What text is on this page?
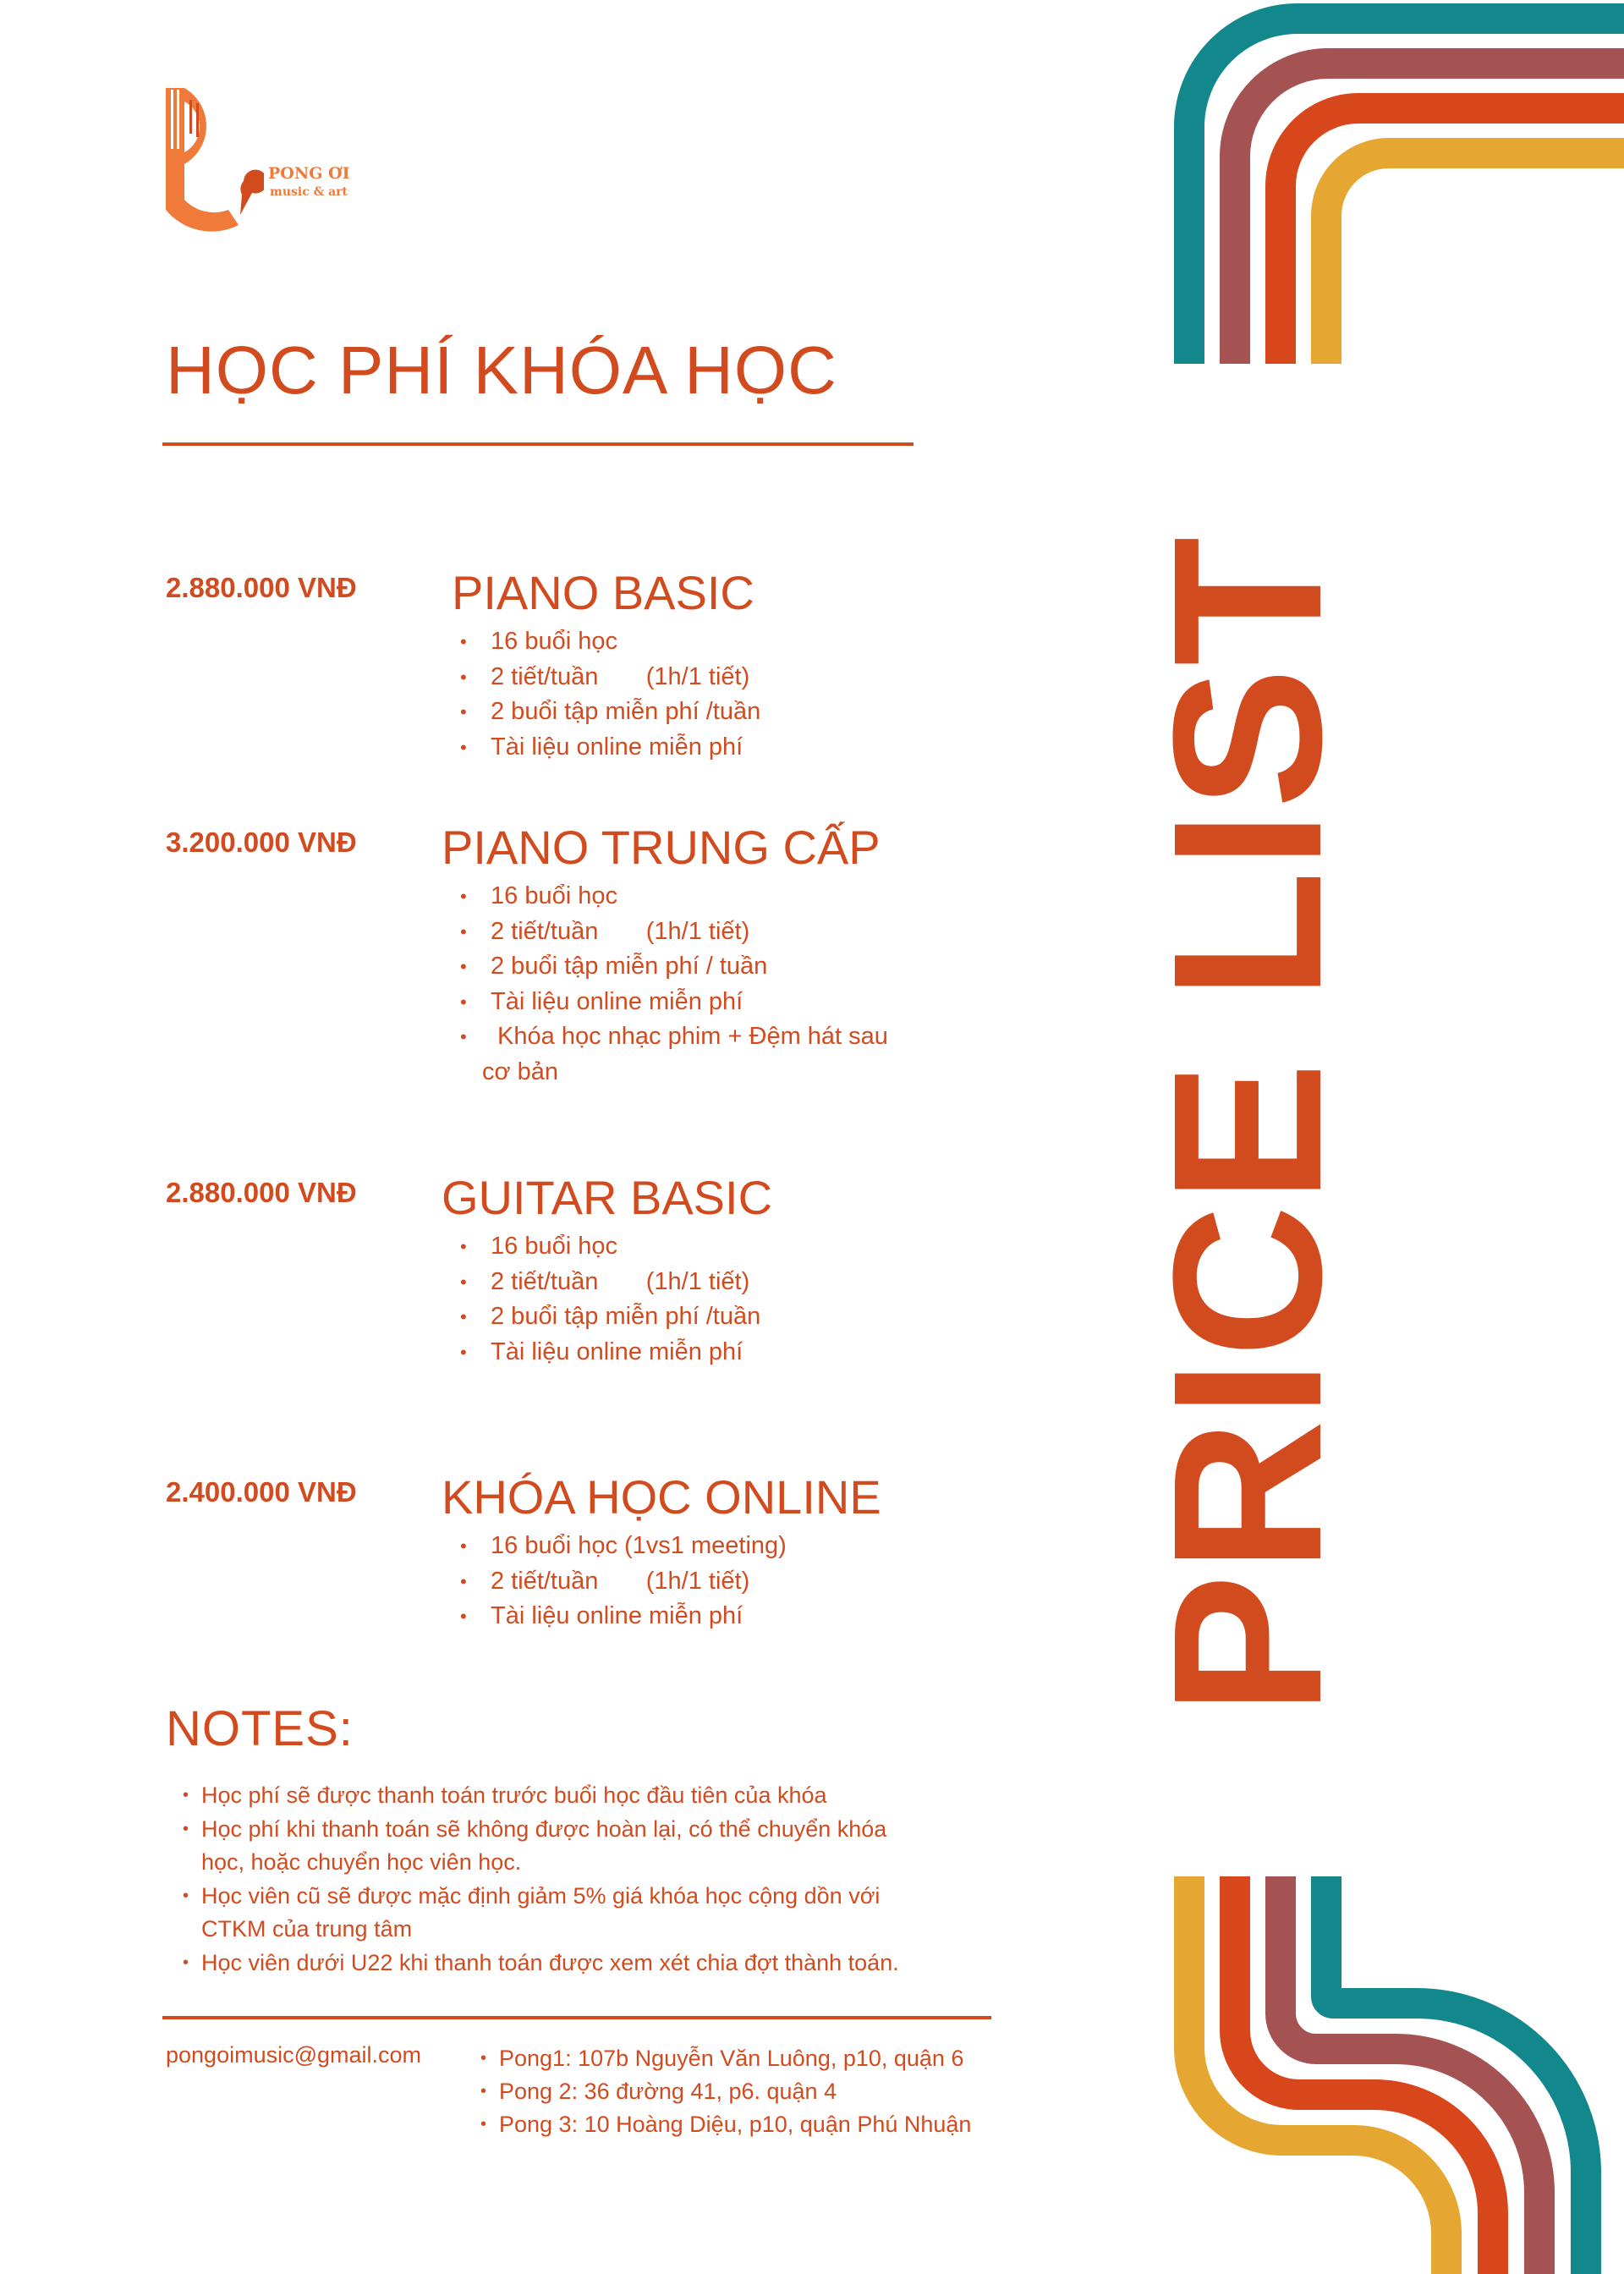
PONG ƠI
music & art
HỌC PHÍ KHÓA HỌC
2.880.000 VNĐ PIANO BASIC
• 16 buổi học
• 2 tiết/tuần       (1h/1 tiết)
• 2 buổi tập miễn phí /tuần
• Tài liệu online miễn phí
3.200.000 VNĐ PIANO TRUNG CẤP
• 16 buổi học
• 2 tiết/tuần       (1h/1 tiết)
• 2 buổi tập miễn phí / tuần
• Tài liệu online miễn phí
•  Khóa học nhạc phim + Đệm hát sau
cơ bản
2.880.000 VNĐ GUITAR BASIC
• 16 buổi học
• 2 tiết/tuần       (1h/1 tiết)
• 2 buổi tập miễn phí /tuần
• Tài liệu online miễn phí
2.400.000 VNĐ KHÓA HỌC ONLINE
• 16 buổi học (1vs1 meeting)
• 2 tiết/tuần       (1h/1 tiết)
• Tài liệu online miễn phí
NOTES:
• Học phí sẽ được thanh toán trước buổi học đầu tiên của khóa
• Học phí khi thanh toán sẽ không được hoàn lại, có thể chuyển khóa
học, hoặc chuyển học viên học.
• Học viên cũ sẽ được mặc định giảm 5% giá khóa học cộng dồn với
CTKM của trung tâm
• Học viên dưới U22 khi thanh toán được xem xét chia đợt thành toán.
pongoimusic@gmail.com
•	Pong1: 107b Nguyễn Văn Luông, p10, quận 6
• Pong 2: 36 đường 41, p6. quận 4
• Pong 3: 10 Hoàng Diệu, p10, quận Phú Nhuận
PRICE LIST
